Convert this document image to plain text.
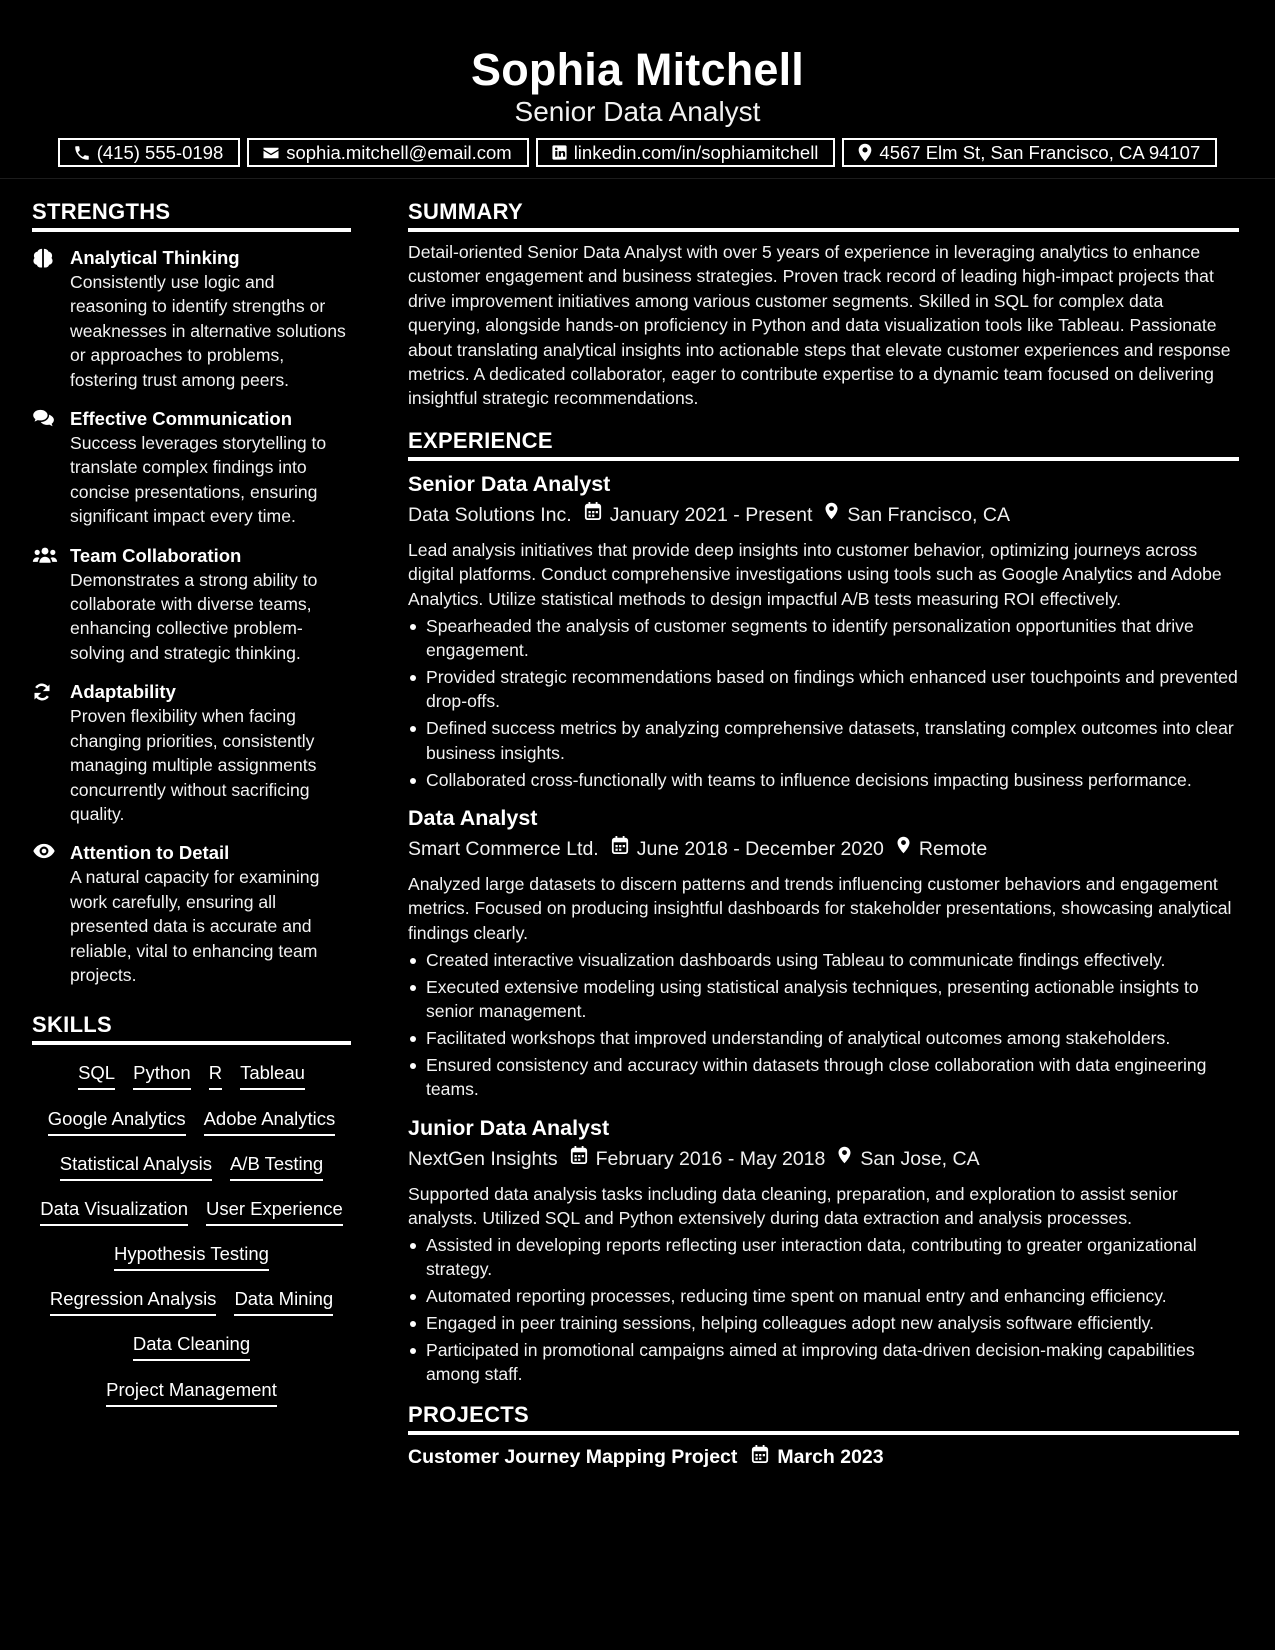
Sophia Mitchell
Senior Data Analyst
(415) 555-0198	sophia.mitchell@email.com	linkedin.com/in/sophiamitchell	4567 Elm St, San Francisco, CA 94107
STRENGTHS
Analytical Thinking
Consistently use logic and reasoning to identify strengths or weaknesses in alternative solutions or approaches to problems, fostering trust among peers.
Effective Communication
Success leverages storytelling to translate complex findings into concise presentations, ensuring significant impact every time.
Team Collaboration
Demonstrates a strong ability to collaborate with diverse teams, enhancing collective problem-solving and strategic thinking.
Adaptability
Proven flexibility when facing changing priorities, consistently managing multiple assignments concurrently without sacrificing quality.
Attention to Detail
A natural capacity for examining work carefully, ensuring all presented data is accurate and reliable, vital to enhancing team projects.
SKILLS
SQL Python R Tableau
Google Analytics Adobe Analytics
Statistical Analysis A/B Testing
Data Visualization User Experience
Hypothesis Testing
Regression Analysis Data Mining
Data Cleaning
Project Management
SUMMARY
Detail-oriented Senior Data Analyst with over 5 years of experience in leveraging analytics to enhance customer engagement and business strategies. Proven track record of leading high-impact projects that drive improvement initiatives among various customer segments. Skilled in SQL for complex data querying, alongside hands-on proficiency in Python and data visualization tools like Tableau. Passionate about translating analytical insights into actionable steps that elevate customer experiences and response metrics. A dedicated collaborator, eager to contribute expertise to a dynamic team focused on delivering insightful strategic recommendations.
EXPERIENCE
Senior Data Analyst
Data Solutions Inc. January 2021 - Present San Francisco, CA
Lead analysis initiatives that provide deep insights into customer behavior, optimizing journeys across digital platforms. Conduct comprehensive investigations using tools such as Google Analytics and Adobe Analytics. Utilize statistical methods to design impactful A/B tests measuring ROI effectively.
Spearheaded the analysis of customer segments to identify personalization opportunities that drive engagement.
Provided strategic recommendations based on findings which enhanced user touchpoints and prevented drop-offs.
Defined success metrics by analyzing comprehensive datasets, translating complex outcomes into clear business insights.
Collaborated cross-functionally with teams to influence decisions impacting business performance.
Data Analyst
Smart Commerce Ltd. June 2018 - December 2020 Remote
Analyzed large datasets to discern patterns and trends influencing customer behaviors and engagement metrics. Focused on producing insightful dashboards for stakeholder presentations, showcasing analytical findings clearly.
Created interactive visualization dashboards using Tableau to communicate findings effectively.
Executed extensive modeling using statistical analysis techniques, presenting actionable insights to senior management.
Facilitated workshops that improved understanding of analytical outcomes among stakeholders.
Ensured consistency and accuracy within datasets through close collaboration with data engineering teams.
Junior Data Analyst
NextGen Insights February 2016 - May 2018 San Jose, CA
Supported data analysis tasks including data cleaning, preparation, and exploration to assist senior analysts. Utilized SQL and Python extensively during data extraction and analysis processes.
Assisted in developing reports reflecting user interaction data, contributing to greater organizational strategy.
Automated reporting processes, reducing time spent on manual entry and enhancing efficiency.
Engaged in peer training sessions, helping colleagues adopt new analysis software efficiently.
Participated in promotional campaigns aimed at improving data-driven decision-making capabilities among staff.
PROJECTS
Customer Journey Mapping Project March 2023
